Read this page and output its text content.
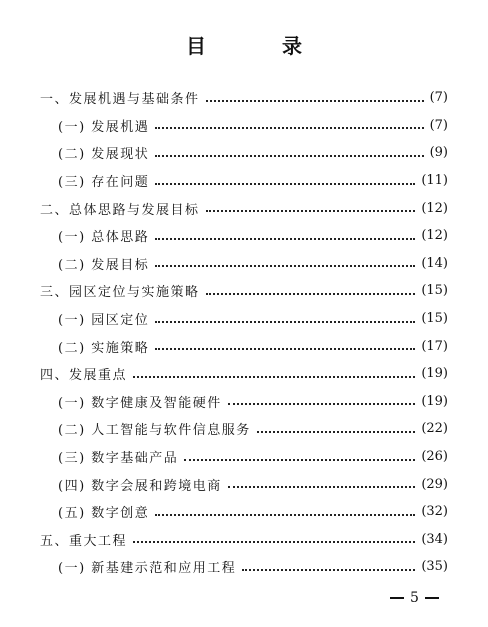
目　录
一、发展机遇与基础条件	(7)
(一) 发展机遇	(7)
(二) 发展现状	(9)
(三) 存在问题	(11)
二、总体思路与发展目标	(12)
(一) 总体思路	(12)
(二) 发展目标	(14)
三、园区定位与实施策略	(15)
(一) 园区定位	(15)
(二) 实施策略	(17)
四、发展重点	(19)
(一) 数字健康及智能硬件	(19)
(二) 人工智能与软件信息服务	(22)
(三) 数字基础产品	(26)
(四) 数字会展和跨境电商	(29)
(五) 数字创意	(32)
五、重大工程	(34)
(一) 新基建示范和应用工程	(35)
5
